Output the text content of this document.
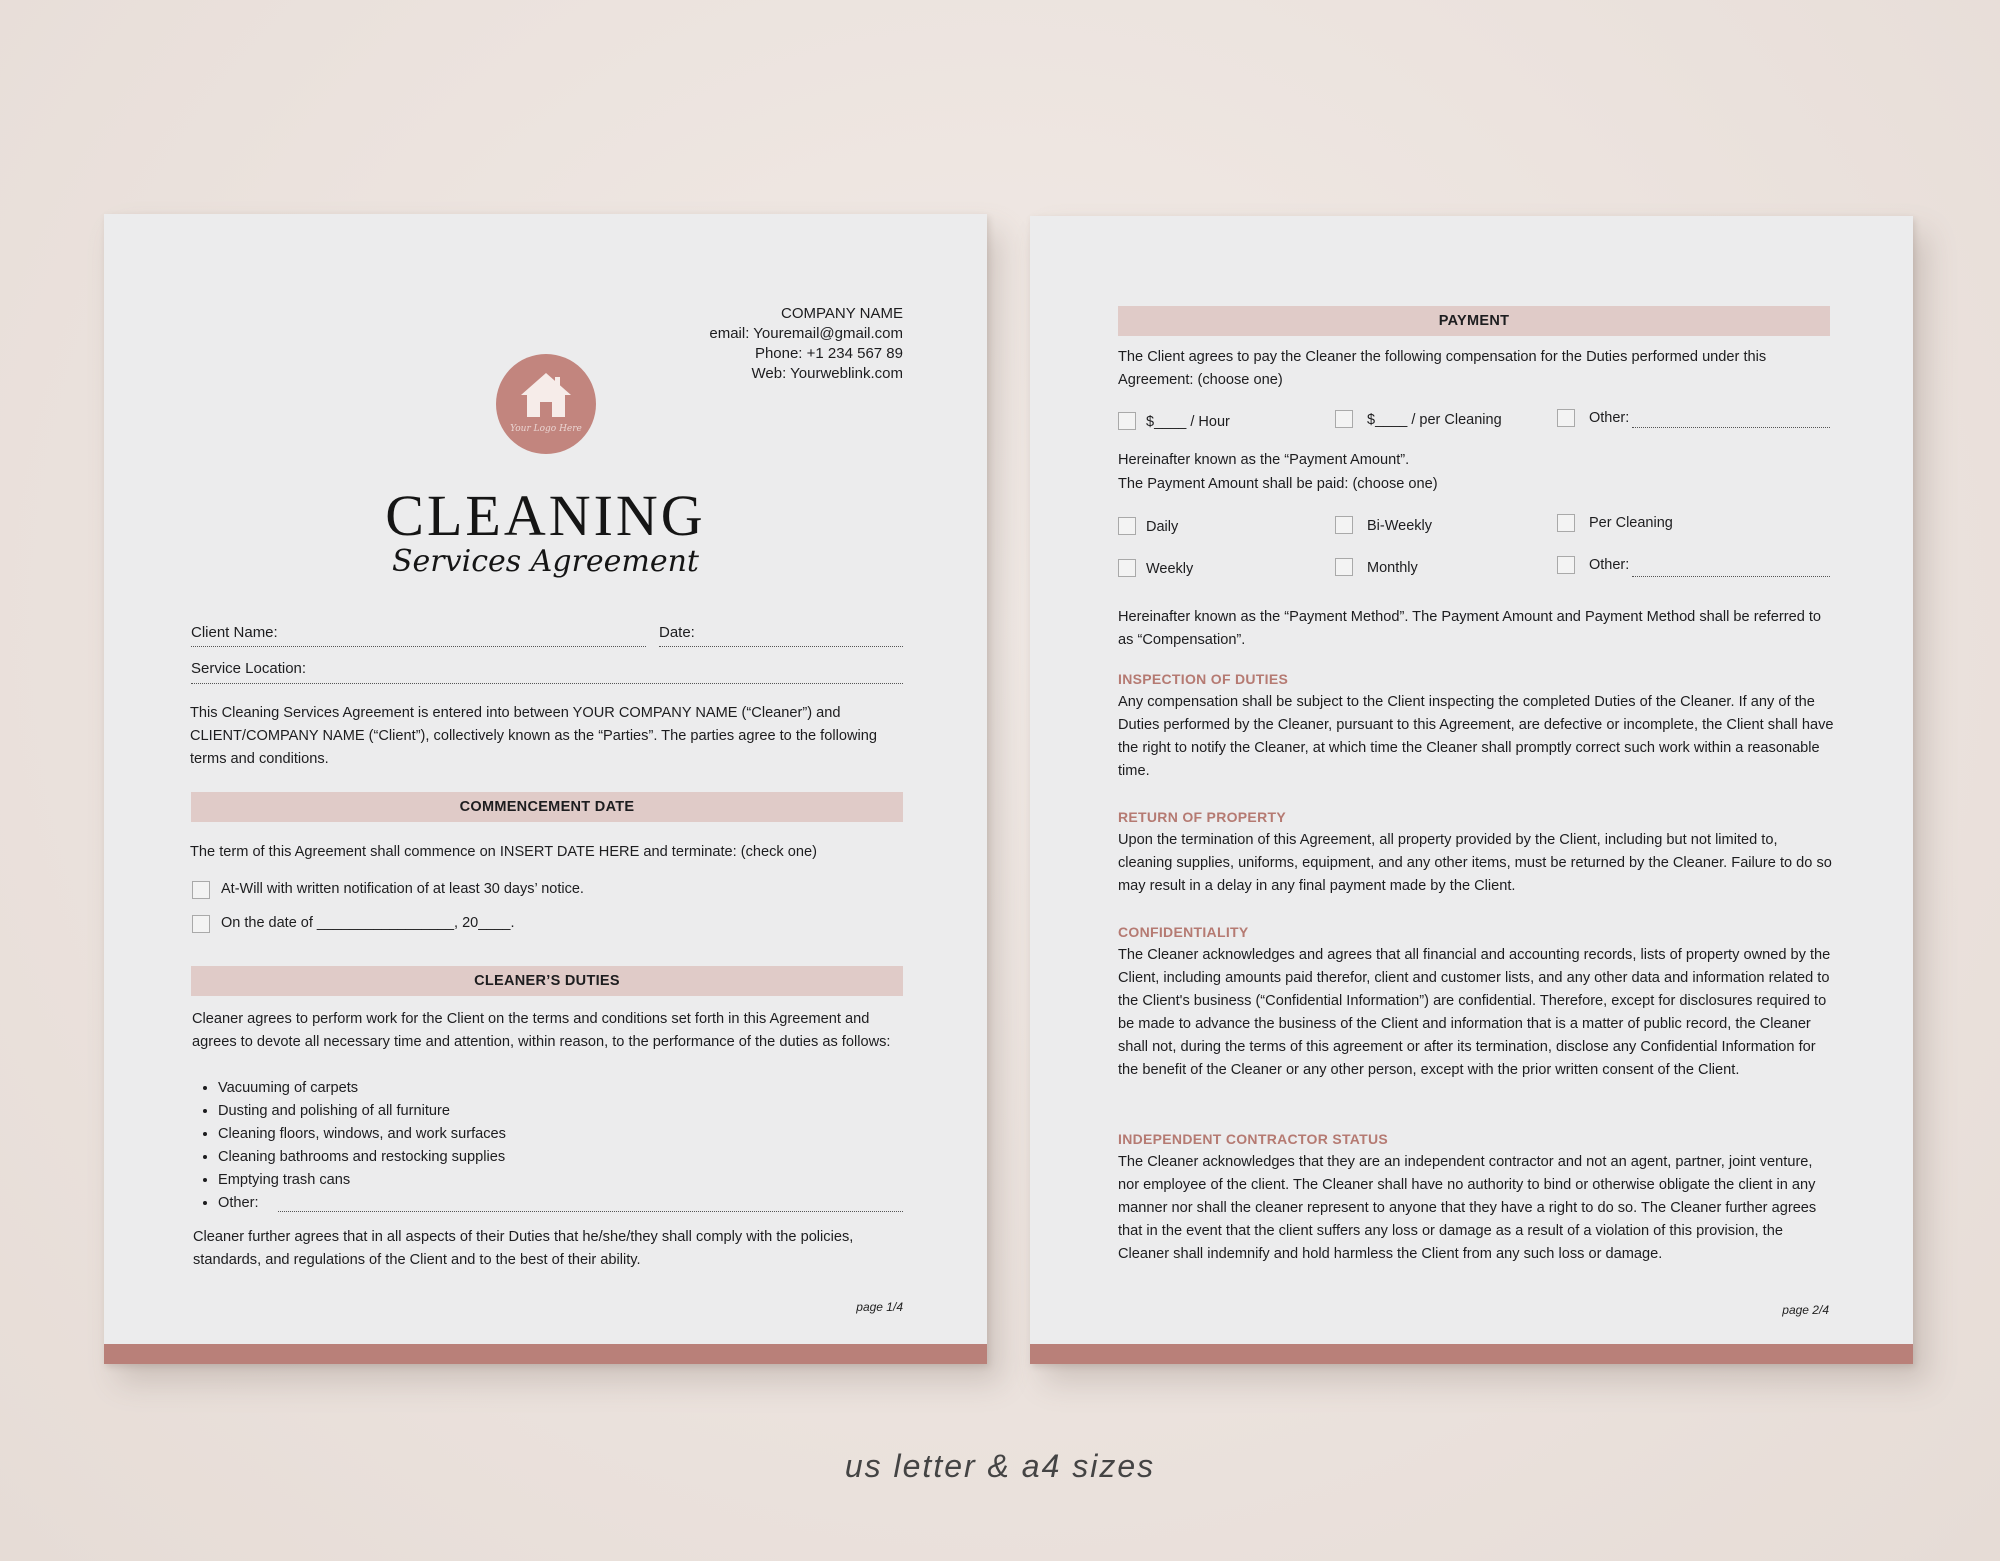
COMPANY NAME
email: Youremail@gmail.com
Phone: +1 234 567 89
Web: Yourweblink.com
Your Logo Here
CLEANING
Services Agreement
Client Name:	Date:
Service Location:
This Cleaning Services Agreement is entered into between YOUR COMPANY NAME (“Cleaner”) and CLIENT/COMPANY NAME (“Client”), collectively known as the “Parties”. The parties agree to the following terms and conditions.
COMMENCEMENT DATE
The term of this Agreement shall commence on INSERT DATE HERE and terminate: (check one)
At-Will with written notification of at least 30 days’ notice.
On the date of _________________, 20____.
CLEANER’S DUTIES
Cleaner agrees to perform work for the Client on the terms and conditions set forth in this Agreement and agrees to devote all necessary time and attention, within reason, to the performance of the duties as follows:
• Vacuuming of carpets
• Dusting and polishing of all furniture
• Cleaning floors, windows, and work surfaces
• Cleaning bathrooms and restocking supplies
• Emptying trash cans
• Other:
Cleaner further agrees that in all aspects of their Duties that he/she/they shall comply with the policies, standards, and regulations of the Client and to the best of their ability.
page 1/4
PAYMENT
The Client agrees to pay the Cleaner the following compensation for the Duties performed under this Agreement: (choose one)
$____ / Hour	$____ / per Cleaning	Other:
Hereinafter known as the “Payment Amount”.
The Payment Amount shall be paid: (choose one)
Daily	Bi-Weekly	Per Cleaning
Weekly	Monthly	Other:
Hereinafter known as the “Payment Method”. The Payment Amount and Payment Method shall be referred to as “Compensation”.
INSPECTION OF DUTIES
Any compensation shall be subject to the Client inspecting the completed Duties of the Cleaner. If any of the Duties performed by the Cleaner, pursuant to this Agreement, are defective or incomplete, the Client shall have the right to notify the Cleaner, at which time the Cleaner shall promptly correct such work within a reasonable time.
RETURN OF PROPERTY
Upon the termination of this Agreement, all property provided by the Client, including but not limited to, cleaning supplies, uniforms, equipment, and any other items, must be returned by the Cleaner. Failure to do so may result in a delay in any final payment made by the Client.
CONFIDENTIALITY
The Cleaner acknowledges and agrees that all financial and accounting records, lists of property owned by the Client, including amounts paid therefor, client and customer lists, and any other data and information related to the Client's business (“Confidential Information”) are confidential. Therefore, except for disclosures required to be made to advance the business of the Client and information that is a matter of public record, the Cleaner shall not, during the terms of this agreement or after its termination, disclose any Confidential Information for the benefit of the Cleaner or any other person, except with the prior written consent of the Client.
INDEPENDENT CONTRACTOR STATUS
The Cleaner acknowledges that they are an independent contractor and not an agent, partner, joint venture, nor employee of the client. The Cleaner shall have no authority to bind or otherwise obligate the client in any manner nor shall the cleaner represent to anyone that they have a right to do so. The Cleaner further agrees that in the event that the client suffers any loss or damage as a result of a violation of this provision, the Cleaner shall indemnify and hold harmless the Client from any such loss or damage.
page 2/4
us letter & a4 sizes
